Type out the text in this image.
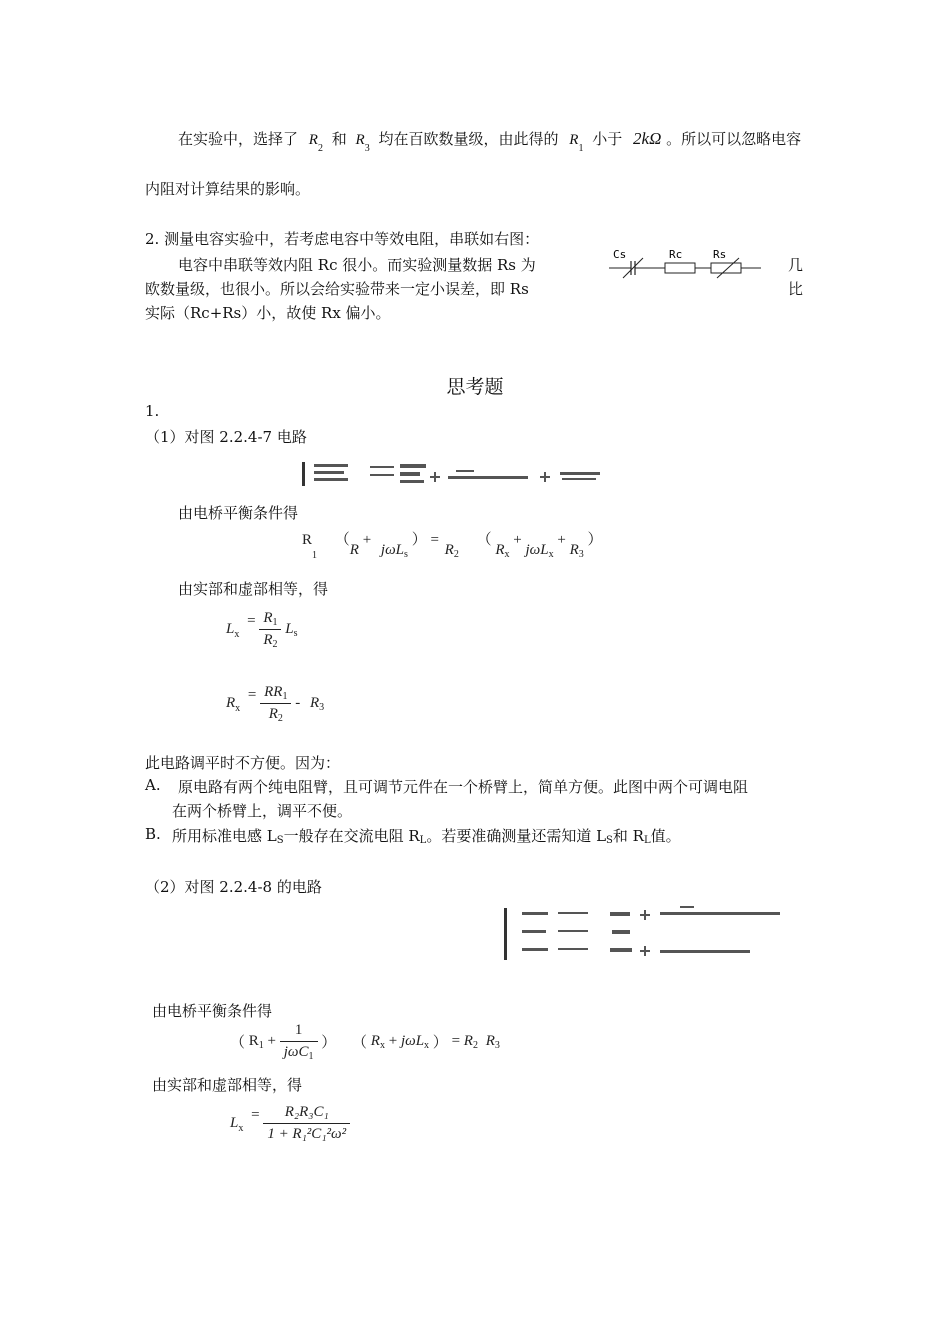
在实验中，选择了 $R_2$ 和 $R_3$ 均在百欧数量级，由此得的 $R_1$ 小于 2kΩ 。所以可以忽略电容
内阻对计算结果的影响。
2. 测量电容实验中，若考虑电容中等效电阻，串联如右图：
电容中串联等效内阻 Rc 很小。而实验测量数据 Rs 为
欧数量级，也很小。所以会给实验带来一定小误差，即 Rs
实际（Rc+Rs）小，故使 Rx 偏小。
几
比
Cs	Rc	Rs
思考题
1.
（1）对图 2.2.4-7 电路
由电桥平衡条件得
$R_1$ （R + jωL$_s$ ） = $R_2$ （ $R_x + j\omega L_x + R_3$ ）
由实部和虚部相等，得
$L_x = \frac{R_1}{R_2} L_s$
$R_x = \frac{RR_1}{R_2} - R_3$
此电路调平时不方便。因为：
A. 原电路有两个纯电阻臂，且可调节元件在一个桥臂上，简单方便。此图中两个可调电阻
在两个桥臂上，调平不便。
B. 所用标准电感 LS一般存在交流电阻 RL。若要准确测量还需知道 LS和 RL值。
（2）对图 2.2.4-8 的电路
由电桥平衡条件得
（ $R_1$ +
1
jωC$_1$
） （ $R_x + j\omega L_x$ ） = $R_2$ $R_3$
由实部和虚部相等，得
$L_x = \frac{\text{R₂R₃C₁}}{\text{1 + R₁²C₁²ω²}}$
